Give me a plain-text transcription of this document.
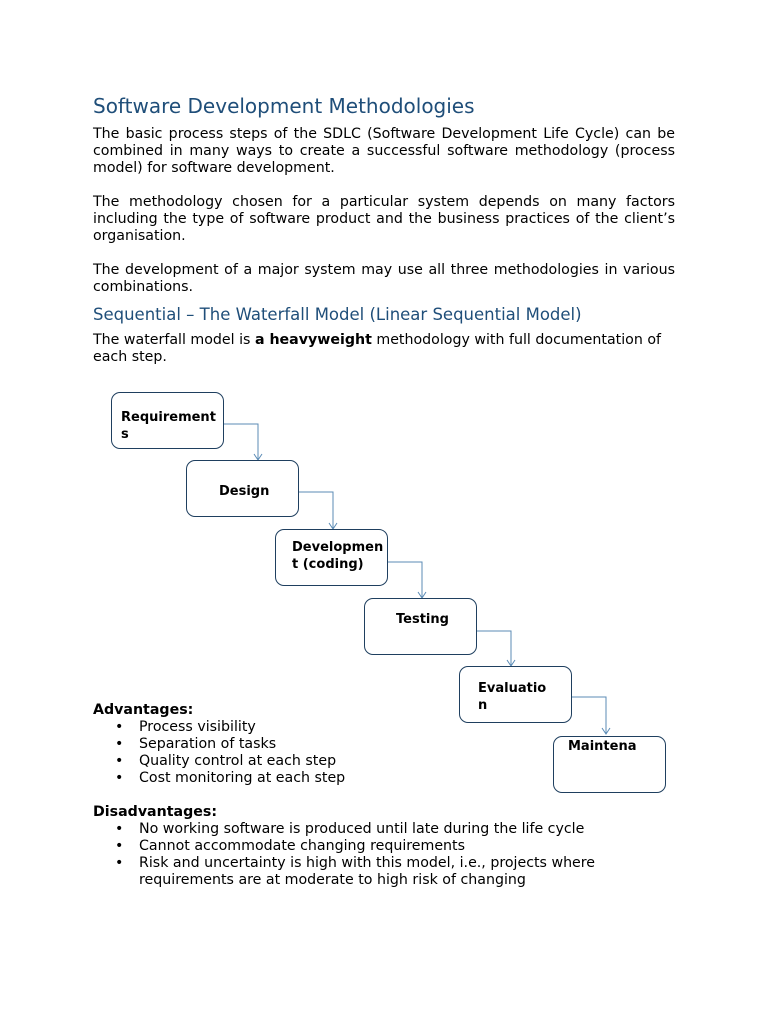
Software Development Methodologies

The basic process steps of the SDLC (Software Development Life Cycle) can be combined in many ways to create a successful software methodology (process model) for software development.

The methodology chosen for a particular system depends on many factors including the type of software product and the business practices of the client’s organisation.

The development of a major system may use all three methodologies in various combinations.

Sequential – The Waterfall Model (Linear Sequential Model)

The waterfall model is a heavyweight methodology with full documentation of each step.

Advantages:

• Process visibility
• Separation of tasks
• Quality control at each step
• Cost monitoring at each step

Disadvantages:

• No working software is produced until late during the life cycle
• Cannot accommodate changing requirements
• Risk and uncertainty is high with this model, i.e., projects where requirements are at moderate to high risk of changing
Requirements
Design
Development (coding)
Testing
Evaluation
Maintena
